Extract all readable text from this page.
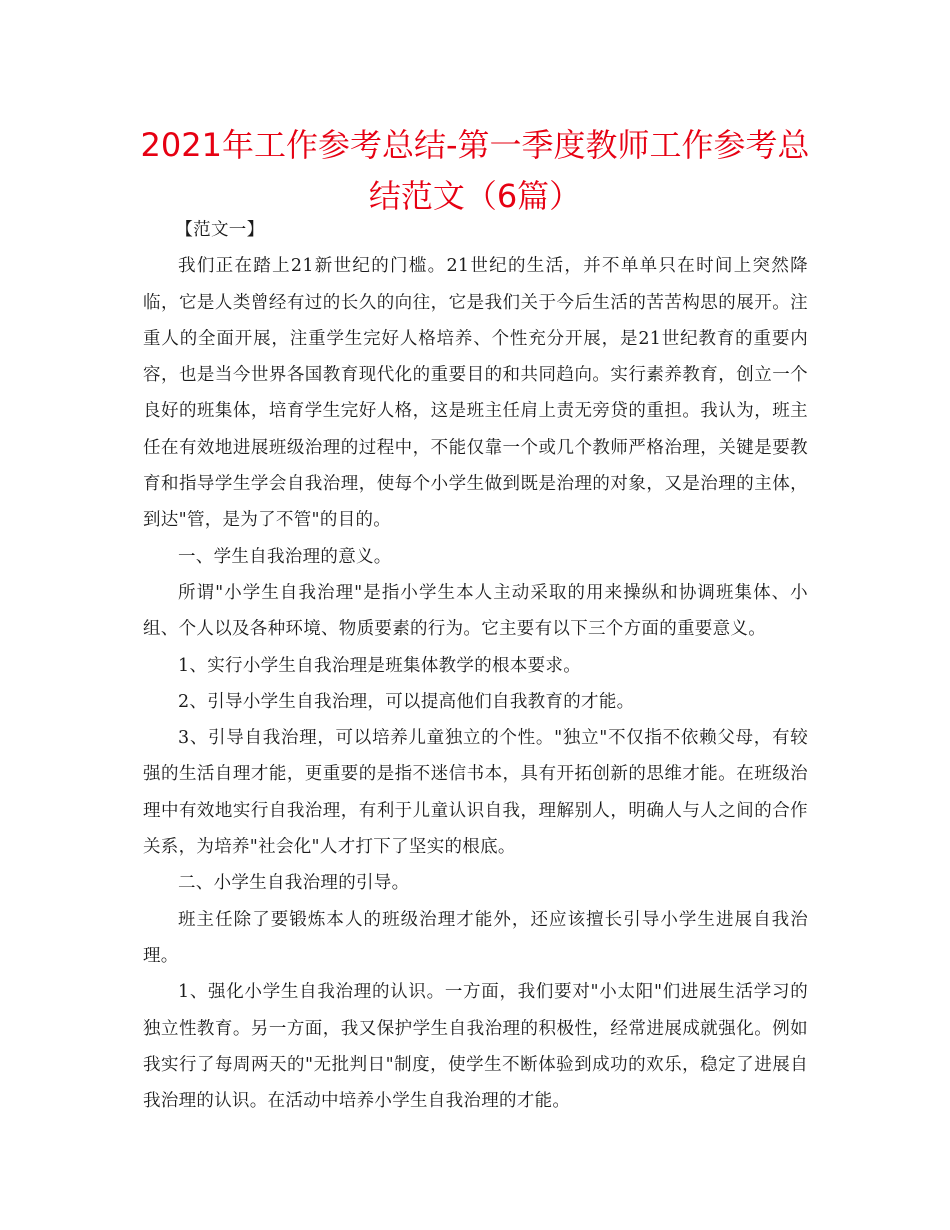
2021年工作参考总结-第一季度教师工作参考总
结范文（6篇）

【范文一】

我们正在踏上21新世纪的门槛。21世纪的生活，并不单单只在时间上突然降临，它是人类曾经有过的长久的向往，它是我们关于今后生活的苦苦构思的展开。注重人的全面开展，注重学生完好人格培养、个性充分开展，是21世纪教育的重要内容，也是当今世界各国教育现代化的重要目的和共同趋向。实行素养教育，创立一个良好的班集体，培育学生完好人格，这是班主任肩上责无旁贷的重担。我认为，班主任在有效地进展班级治理的过程中，不能仅靠一个或几个教师严格治理，关键是要教育和指导学生学会自我治理，使每个小学生做到既是治理的对象，又是治理的主体，到达"管，是为了不管"的目的。

一、学生自我治理的意义。

所谓"小学生自我治理"是指小学生本人主动采取的用来操纵和协调班集体、小组、个人以及各种环境、物质要素的行为。它主要有以下三个方面的重要意义。

1、实行小学生自我治理是班集体教学的根本要求。

2、引导小学生自我治理，可以提高他们自我教育的才能。

3、引导自我治理，可以培养儿童独立的个性。"独立"不仅指不依赖父母，有较强的生活自理才能，更重要的是指不迷信书本，具有开拓创新的思维才能。在班级治理中有效地实行自我治理，有利于儿童认识自我，理解别人，明确人与人之间的合作关系，为培养"社会化"人才打下了坚实的根底。

二、小学生自我治理的引导。

班主任除了要锻炼本人的班级治理才能外，还应该擅长引导小学生进展自我治理。

1、强化小学生自我治理的认识。一方面，我们要对"小太阳"们进展生活学习的独立性教育。另一方面，我又保护学生自我治理的积极性，经常进展成就强化。例如我实行了每周两天的"无批判日"制度，使学生不断体验到成功的欢乐，稳定了进展自我治理的认识。在活动中培养小学生自我治理的才能。
